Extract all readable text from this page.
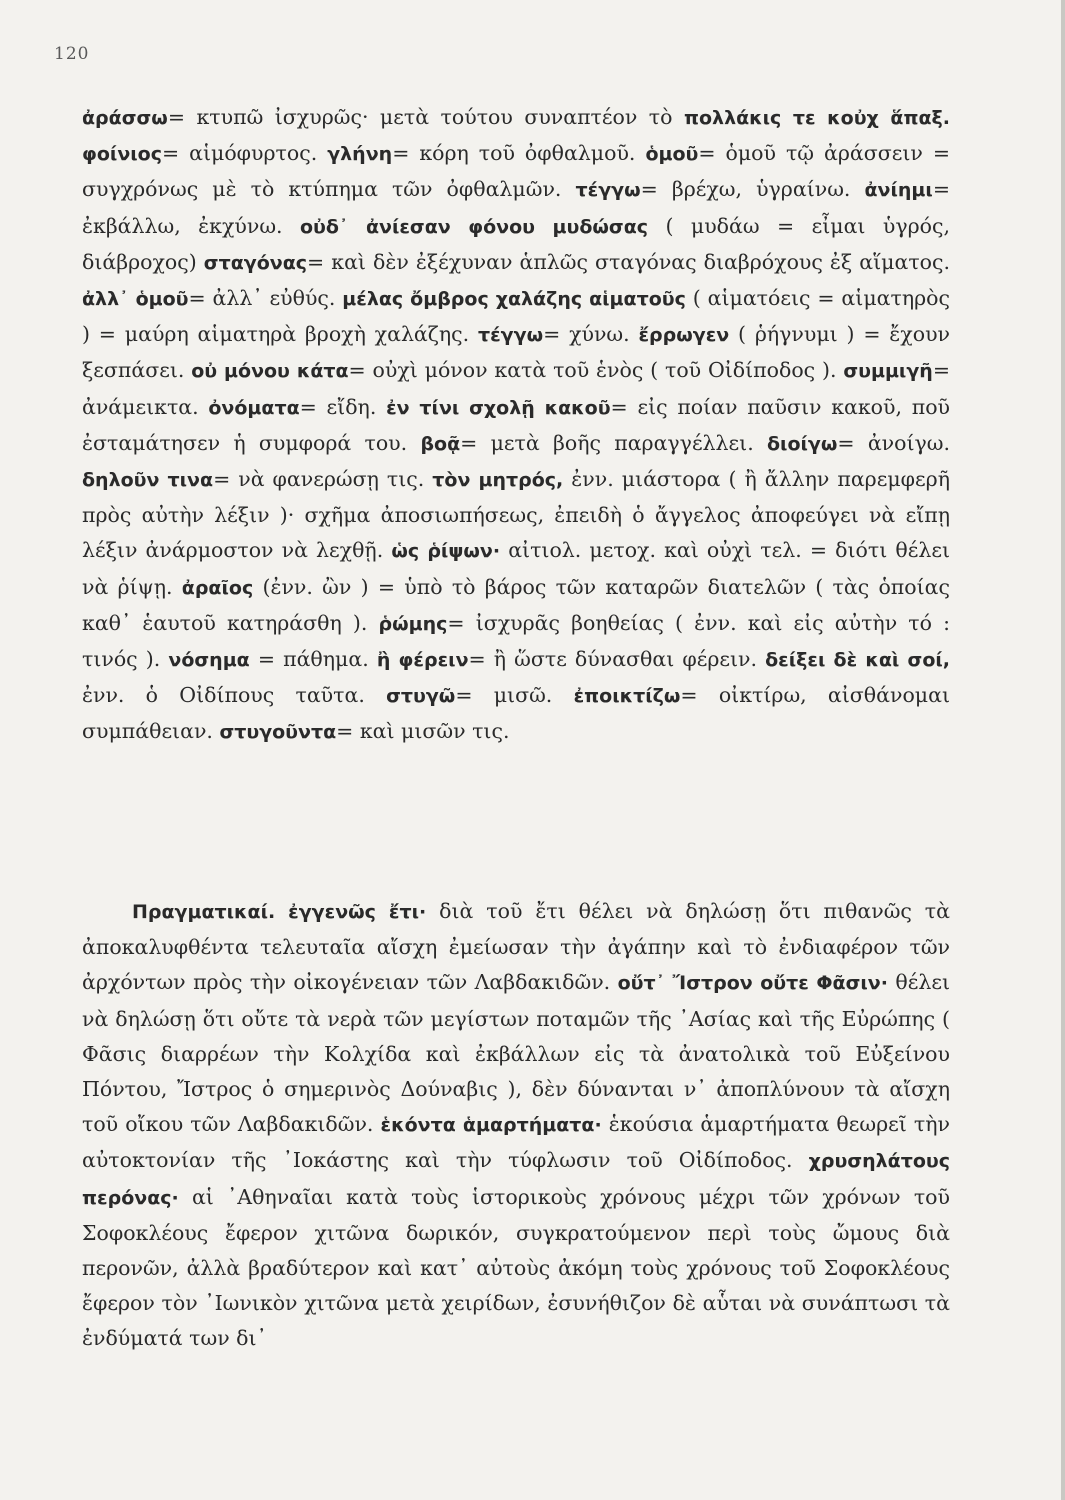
120

ἀράσσω= κτυπῶ ἰσχυρῶς· μετὰ τούτου συναπτέον τὸ πολλάκις τε κοὐχ ἅπαξ. φοίνιος= αἱμόφυρτος. γλήνη= κόρη τοῦ ὀφθαλμοῦ. ὁμοῦ= ὁμοῦ τῷ ἀράσσειν = συγχρόνως μὲ τὸ κτύπημα τῶν ὀφθαλμῶν. τέγγω= βρέχω, ὑγραίνω. ἀνίημι= ἐκβάλλω, ἐκχύνω. οὐδ᾽ ἀνίεσαν φόνου μυδώσας ( μυδάω = εἶμαι ὑγρός, διάβροχος) σταγόνας= καὶ δὲν ἐξέχυναν ἁπλῶς σταγόνας διαβρόχους ἐξ αἵματος. ἀλλ᾽ ὁμοῦ= ἀλλ᾽ εὐθύς. μέλας ὄμβρος χαλάζης αἱματοῦς ( αἱματόεις = αἱματηρὸς ) = μαύρη αἱματηρὰ βροχὴ χαλάζης. τέγγω= χύνω. ἔρρωγεν ( ῥήγνυμι ) = ἔχουν ξεσπάσει. οὐ μόνου κάτα= οὐχὶ μόνον κατὰ τοῦ ἑνὸς ( τοῦ Οἰδίποδος ). συμμιγῆ= ἀνάμεικτα. ὀνόματα= εἴδη. ἐν τίνι σχολῇ κακοῦ= εἰς ποίαν παῦσιν κακοῦ, ποῦ ἐσταμάτησεν ἡ συμφορά του. βοᾷ= μετὰ βοῆς παραγγέλλει. διοίγω= ἀνοίγω. δηλοῦν τινα= νὰ φανερώσῃ τις. τὸν μητρός, ἐνν. μιάστορα ( ἢ ἄλλην παρεμφερῆ πρὸς αὐτὴν λέξιν )· σχῆμα ἀποσιωπήσεως, ἐπειδὴ ὁ ἄγγελος ἀποφεύγει νὰ εἴπῃ λέξιν ἀνάρμοστον νὰ λεχθῇ. ὡς ῥίψων· αἰτιολ. μετοχ. καὶ οὐχὶ τελ. = διότι θέλει νὰ ῥίψῃ. ἀραῖος (ἐνν. ὢν ) = ὑπὸ τὸ βάρος τῶν καταρῶν διατελῶν ( τὰς ὁποίας καθ᾽ ἑαυτοῦ κατηράσθη ). ῥώμης= ἰσχυρᾶς βοηθείας ( ἐνν. καὶ εἰς αὐτὴν τό : τινός ). νόσημα = πάθημα. ἢ φέρειν= ἢ ὥστε δύνασθαι φέρειν. δείξει δὲ καὶ σοί, ἐνν. ὁ Οἰδίπους ταῦτα. στυγῶ= μισῶ. ἐποικτίζω= οἰκτίρω, αἰσθάνομαι συμπάθειαν. στυγοῦντα= καὶ μισῶν τις.

Πραγματικαί. ἐγγενῶς ἔτι· διὰ τοῦ ἔτι θέλει νὰ δηλώσῃ ὅτι πιθανῶς τὰ ἀποκαλυφθέντα τελευταῖα αἴσχη ἐμείωσαν τὴν ἀγάπην καὶ τὸ ἐνδιαφέρον τῶν ἀρχόντων πρὸς τὴν οἰκογένειαν τῶν Λαβδακιδῶν. οὔτ᾽ Ἴστρον οὔτε Φᾶσιν· θέλει νὰ δηλώσῃ ὅτι οὔτε τὰ νερὰ τῶν μεγίστων ποταμῶν τῆς ᾿Ασίας καὶ τῆς Εὐρώπης ( Φᾶσις διαρρέων τὴν Κολχίδα καὶ ἐκβάλλων εἰς τὰ ἀνατολικὰ τοῦ Εὐξείνου Πόντου, Ἴστρος ὁ σημερινὸς Δούναβις ), δὲν δύνανται ν᾽ ἀποπλύνουν τὰ αἴσχη τοῦ οἴκου τῶν Λαβδακιδῶν. ἑκόντα ἁμαρτήματα· ἑκούσια ἁμαρτήματα θεωρεῖ τὴν αὐτοκτονίαν τῆς ᾿Ιοκάστης καὶ τὴν τύφλωσιν τοῦ Οἰδίποδος. χρυσηλάτους περόνας· αἱ ᾿Αθηναῖαι κατὰ τοὺς ἱστορικοὺς χρόνους μέχρι τῶν χρόνων τοῦ Σοφοκλέους ἔφερον χιτῶνα δωρικόν, συγκρατούμενον περὶ τοὺς ὤμους διὰ περονῶν, ἀλλὰ βραδύτερον καὶ κατ᾽ αὐτοὺς ἀκόμη τοὺς χρόνους τοῦ Σοφοκλέους ἔφερον τὸν ᾿Ιωνικὸν χιτῶνα μετὰ χειρίδων, ἐσυνήθιζον δὲ αὗται νὰ συνάπτωσι τὰ ἐνδύματά των δι᾽
